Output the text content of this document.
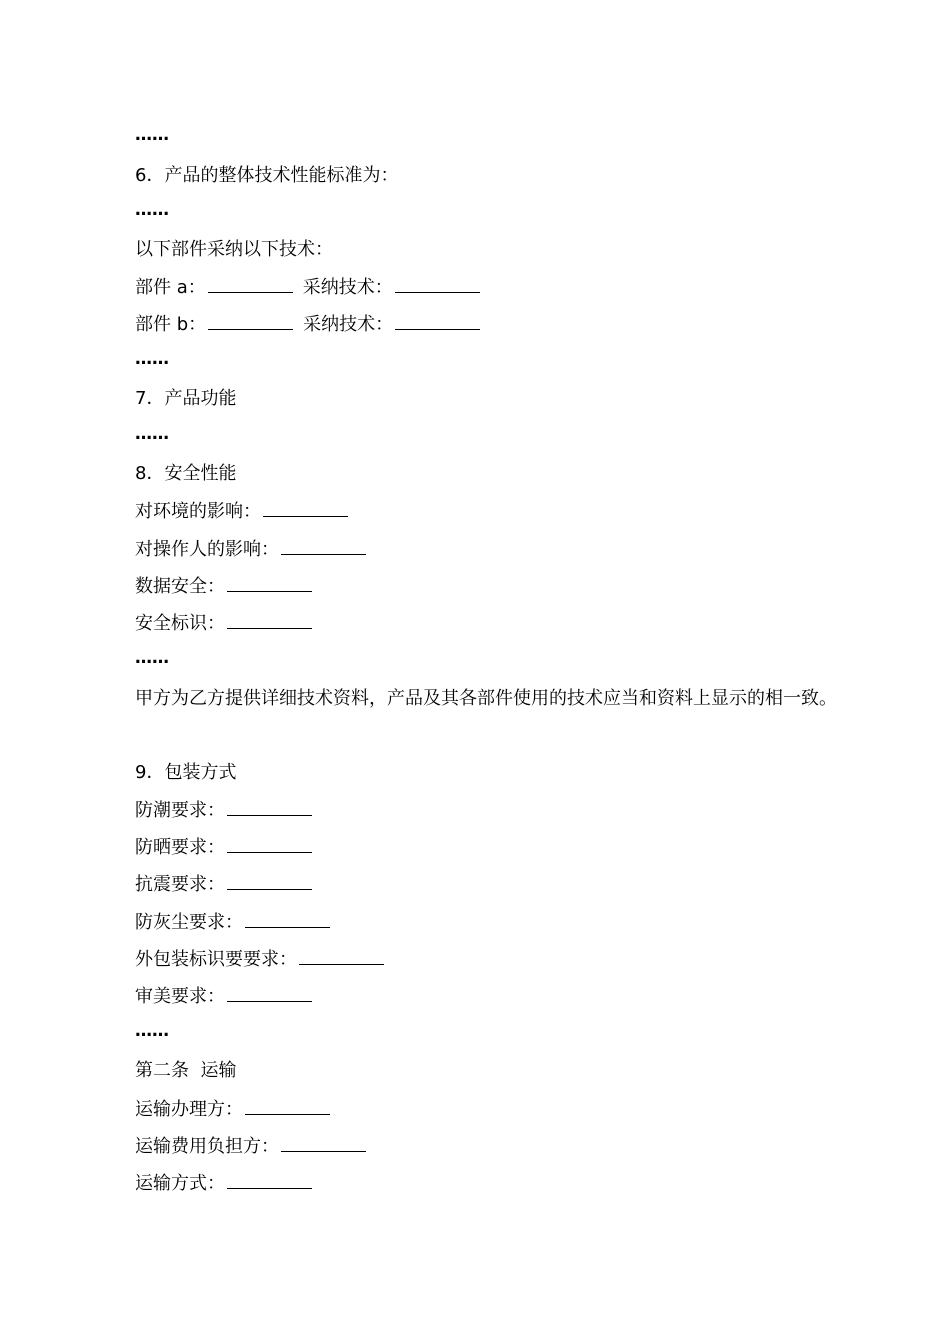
……
6．产品的整体技术性能标准为：
……
以下部件采纳以下技术：
部件 a：	采纳技术：
部件 b：	采纳技术：
……
7．产品功能
……
8．安全性能
对环境的影响：
对操作人的影响：
数据安全：
安全标识：
……
甲方为乙方提供详细技术资料，产品及其各部件使用的技术应当和资料上显示的相一致。
9．包装方式
防潮要求：
防晒要求：
抗震要求：
防灰尘要求：
外包装标识要要求：
审美要求：
……
第二条  运输
运输办理方：
运输费用负担方：
运输方式：
